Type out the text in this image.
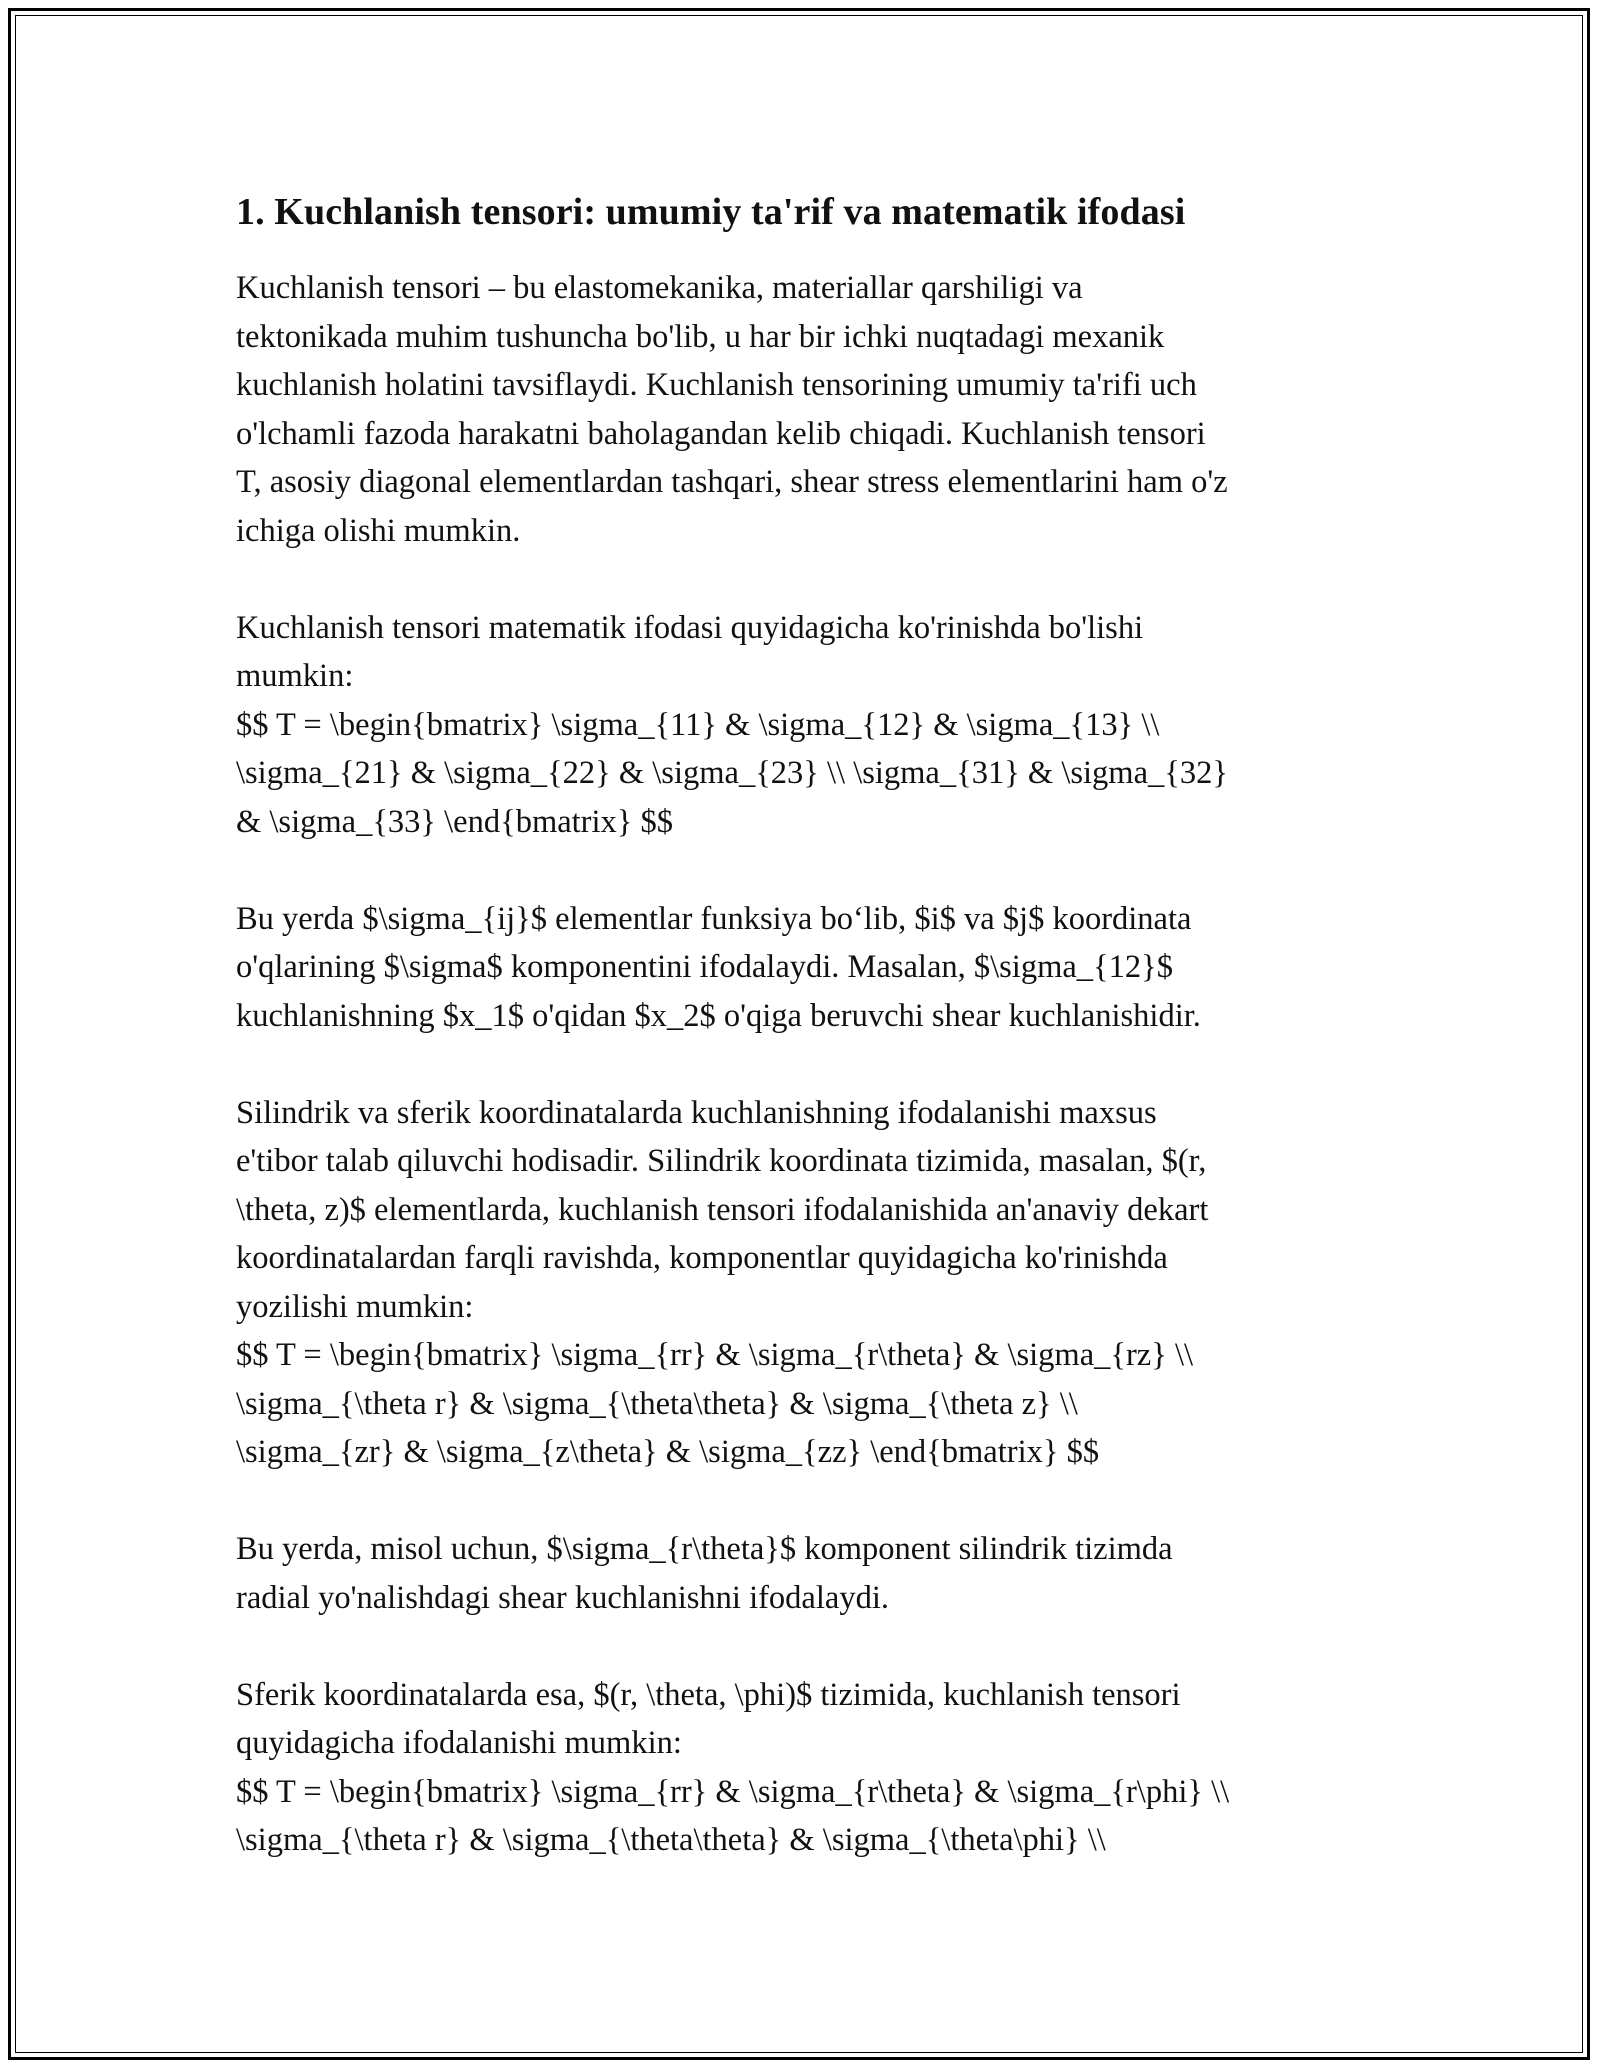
1. Kuchlanish tensori: umumiy ta'rif va matematik ifodasi

Kuchlanish tensori – bu elastomekanika, materiallar qarshiligi va
tektonikada muhim tushuncha bo'lib, u har bir ichki nuqtadagi mexanik
kuchlanish holatini tavsiflaydi. Kuchlanish tensorining umumiy ta'rifi uch
o'lchamli fazoda harakatni baholagandan kelib chiqadi. Kuchlanish tensori
T, asosiy diagonal elementlardan tashqari, shear stress elementlarini ham o'z
ichiga olishi mumkin.

Kuchlanish tensori matematik ifodasi quyidagicha ko'rinishda bo'lishi
mumkin:
$$ T = \begin{bmatrix} \sigma_{11} & \sigma_{12} & \sigma_{13} \\
\sigma_{21} & \sigma_{22} & \sigma_{23} \\ \sigma_{31} & \sigma_{32}
& \sigma_{33} \end{bmatrix} $$

Bu yerda $\sigma_{ij}$ elementlar funksiya bo‘lib, $i$ va $j$ koordinata
o'qlarining $\sigma$ komponentini ifodalaydi. Masalan, $\sigma_{12}$
kuchlanishning $x_1$ o'qidan $x_2$ o'qiga beruvchi shear kuchlanishidir.

Silindrik va sferik koordinatalarda kuchlanishning ifodalanishi maxsus
e'tibor talab qiluvchi hodisadir. Silindrik koordinata tizimida, masalan, $(r,
\theta, z)$ elementlarda, kuchlanish tensori ifodalanishida an'anaviy dekart
koordinatalardan farqli ravishda, komponentlar quyidagicha ko'rinishda
yozilishi mumkin:
$$ T = \begin{bmatrix} \sigma_{rr} & \sigma_{r\theta} & \sigma_{rz} \\
\sigma_{\theta r} & \sigma_{\theta\theta} & \sigma_{\theta z} \\
\sigma_{zr} & \sigma_{z\theta} & \sigma_{zz} \end{bmatrix} $$

Bu yerda, misol uchun, $\sigma_{r\theta}$ komponent silindrik tizimda
radial yo'nalishdagi shear kuchlanishni ifodalaydi.

Sferik koordinatalarda esa, $(r, \theta, \phi)$ tizimida, kuchlanish tensori
quyidagicha ifodalanishi mumkin:
$$ T = \begin{bmatrix} \sigma_{rr} & \sigma_{r\theta} & \sigma_{r\phi} \\
\sigma_{\theta r} & \sigma_{\theta\theta} & \sigma_{\theta\phi} \\
